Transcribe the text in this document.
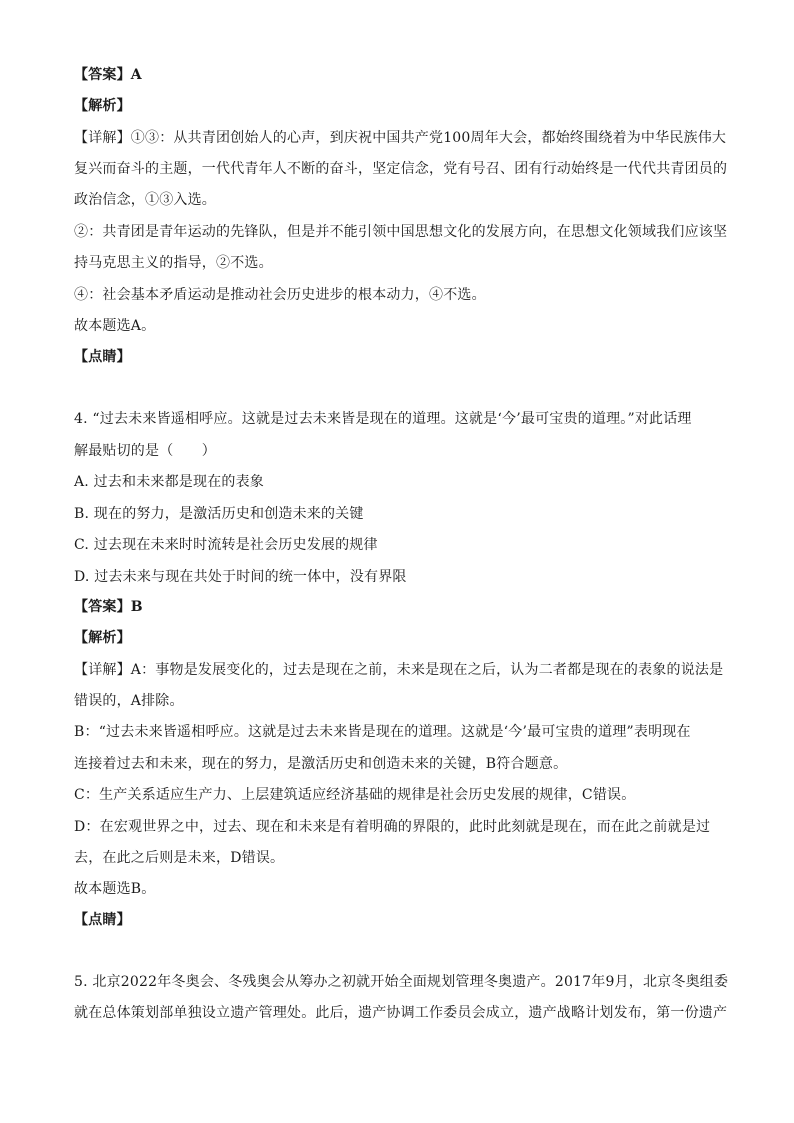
【答案】A
【解析】
【详解】①③：从共青团创始人的心声，到庆祝中国共产党100周年大会，都始终围绕着为中华民族伟大
复兴而奋斗的主题，一代代青年人不断的奋斗，坚定信念，党有号召、团有行动始终是一代代共青团员的
政治信念，①③入选。
②：共青团是青年运动的先锋队，但是并不能引领中国思想文化的发展方向，在思想文化领域我们应该坚
持马克思主义的指导，②不选。
④：社会基本矛盾运动是推动社会历史进步的根本动力，④不选。
故本题选A。
【点睛】
4. “过去未来皆遥相呼应。这就是过去未来皆是现在的道理。这就是‘今’最可宝贵的道理。”对此话理
解最贴切的是（　　）
A. 过去和未来都是现在的表象
B. 现在的努力，是激活历史和创造未来的关键
C. 过去现在未来时时流转是社会历史发展的规律
D. 过去未来与现在共处于时间的统一体中，没有界限
【答案】B
【解析】
【详解】A：事物是发展变化的，过去是现在之前，未来是现在之后，认为二者都是现在的表象的说法是
错误的，A排除。
B：“过去未来皆遥相呼应。这就是过去未来皆是现在的道理。这就是‘今’最可宝贵的道理”表明现在
连接着过去和未来，现在的努力，是激活历史和创造未来的关键，B符合题意。
C：生产关系适应生产力、上层建筑适应经济基础的规律是社会历史发展的规律，C错误。
D：在宏观世界之中，过去、现在和未来是有着明确的界限的，此时此刻就是现在，而在此之前就是过
去，在此之后则是未来，D错误。
故本题选B。
【点睛】
5. 北京2022年冬奥会、冬残奥会从筹办之初就开始全面规划管理冬奥遗产。2017年9月，北京冬奥组委
就在总体策划部单独设立遗产管理处。此后，遗产协调工作委员会成立，遗产战略计划发布，第一份遗产
